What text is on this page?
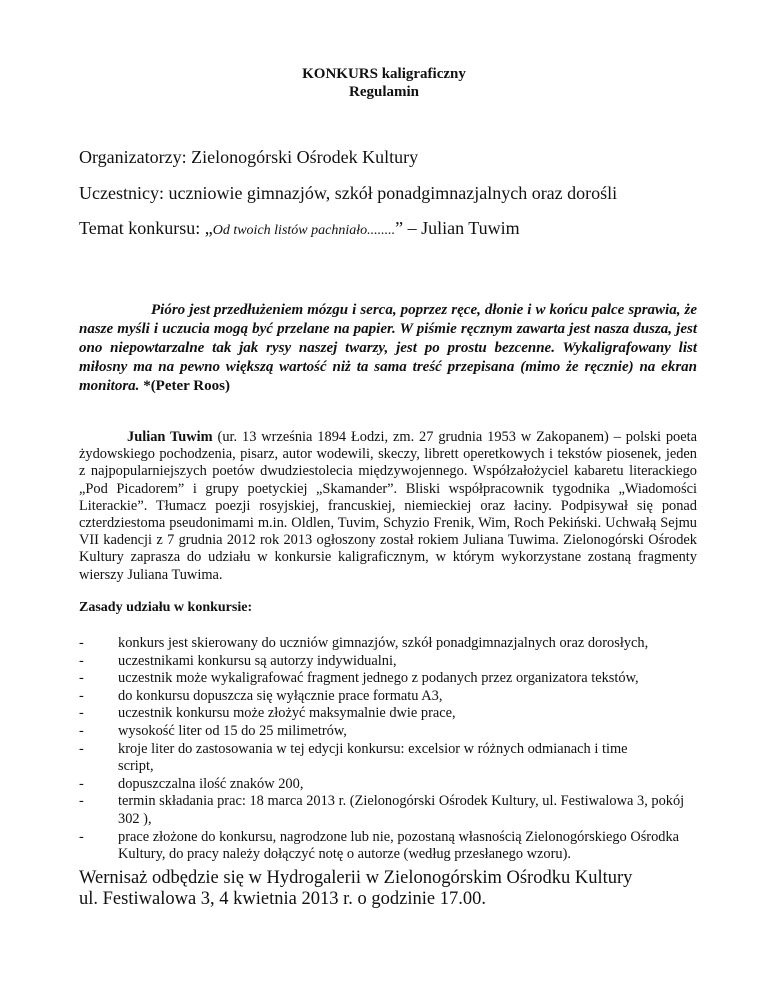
KONKURS kaligraficzny
Regulamin
Organizatorzy: Zielonogórski Ośrodek Kultury
Uczestnicy: uczniowie gimnazjów, szkół ponadgimnazjalnych oraz dorośli
Temat konkursu: „Od twoich listów pachniało........” – Julian Tuwim
Pióro jest przedłużeniem mózgu i serca, poprzez ręce, dłonie i w końcu palce sprawia, że nasze myśli i uczucia mogą być przelane na papier. W piśmie ręcznym zawarta jest nasza dusza, jest ono niepowtarzalne tak jak rysy naszej twarzy, jest po prostu bezcenne. Wykaligrafowany list miłosny ma na pewno większą wartość niż ta sama treść przepisana (mimo że ręcznie) na ekran monitora. *(Peter Roos)
Julian Tuwim (ur. 13 września 1894 Łodzi, zm. 27 grudnia 1953 w Zakopanem) – polski poeta żydowskiego pochodzenia, pisarz, autor wodewili, skeczy, librett operetkowych i tekstów piosenek, jeden z najpopularniejszych poetów dwudziestolecia międzywojennego. Współzałożyciel kabaretu literackiego „Pod Picadorem” i grupy poetyckiej „Skamander”. Bliski współpracownik tygodnika „Wiadomości Literackie”. Tłumacz poezji rosyjskiej, francuskiej, niemieckiej oraz łaciny. Podpisywał się ponad czterdziestoma pseudonimami m.in. Oldlen, Tuvim, Schyzio Frenik, Wim, Roch Pekiński. Uchwałą Sejmu VII kadencji z 7 grudnia 2012 rok 2013 ogłoszony został rokiem Juliana Tuwima. Zielonogórski Ośrodek Kultury zaprasza do udziału w konkursie kaligraficznym, w którym wykorzystane zostaną fragmenty wierszy Juliana Tuwima.
Zasady udziału w konkursie:
- konkurs jest skierowany do uczniów gimnazjów, szkół ponadgimnazjalnych oraz dorosłych,
- uczestnikami konkursu są autorzy indywidualni,
- uczestnik może wykaligrafować fragment jednego z podanych przez organizatora tekstów,
- do konkursu dopuszcza się wyłącznie prace formatu A3,
- uczestnik konkursu może złożyć maksymalnie dwie prace,
- wysokość liter od 15 do 25 milimetrów,
- kroje liter do zastosowania w tej edycji konkursu: excelsior w różnych odmianach i time script,
- dopuszczalna ilość znaków 200,
- termin składania prac: 18 marca 2013 r. (Zielonogórski Ośrodek Kultury, ul. Festiwalowa 3, pokój 302 ),
- prace złożone do konkursu, nagrodzone lub nie, pozostaną własnością Zielonogórskiego Ośrodka Kultury, do pracy należy dołączyć notę o autorze (według przesłanego wzoru).
Wernisaż odbędzie się w Hydrogalerii w Zielonogórskim Ośrodku Kultury
ul. Festiwalowa 3, 4 kwietnia 2013 r. o godzinie 17.00.
